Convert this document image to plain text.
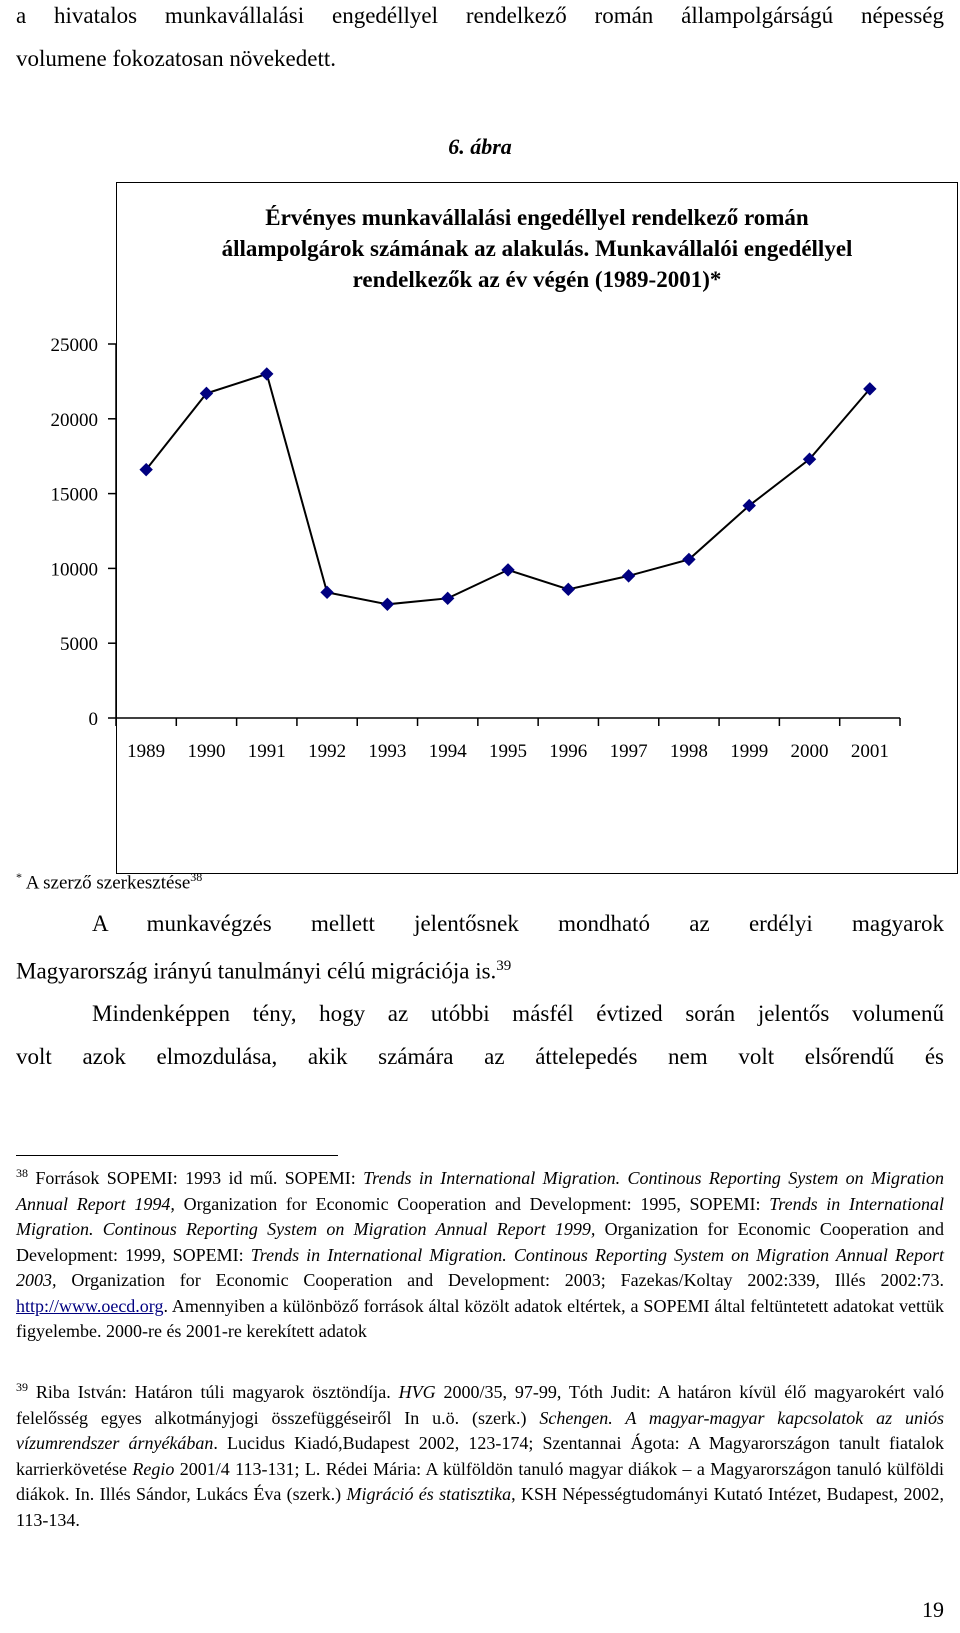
a hivatalos munkavállalási engedéllyel rendelkező román állampolgárságú népesség

volumene fokozatosan növekedett.

6. ábra
Érvényes munkavállalási engedéllyel rendelkező román
állampolgárok számának az alakulás. Munkavállalói engedéllyel
rendelkezők az év végén (1989-2001)*
0
5000
10000
15000
20000
25000
1989 1990 1991 1992 1993 1994 1995 1996 1997 1998 1999 2000 2001
* A szerző szerkesztése$^{38}$

A munkavégzés mellett jelentősnek mondható az erdélyi magyarok

Magyarország irányú tanulmányi célú migrációja is.$^{39}$

Mindenképpen tény, hogy az utóbbi másfél évtized során jelentős volumenű

volt azok elmozdulása, akik számára az áttelepedés nem volt elsőrendű és

$^{38}$ Források SOPEMI: 1993 id mű. SOPEMI: Trends in International Migration. Continous Reporting System on Migration Annual Report 1994, Organization for Economic Cooperation and Development: 1995, SOPEMI: Trends in International Migration. Continous Reporting System on Migration Annual Report 1999, Organization for Economic Cooperation and Development: 1999, SOPEMI: Trends in International Migration. Continous Reporting System on Migration Annual Report 2003, Organization for Economic Cooperation and Development: 2003; Fazekas/Koltay 2002:339, Illés 2002:73. http://www.oecd.org. Amennyiben a különböző források által közölt adatok eltértek, a SOPEMI által feltüntetett adatokat vettük figyelembe. 2000-re és 2001-re kerekített adatok

$^{39}$ Riba István: Határon túli magyarok ösztöndíja. HVG 2000/35, 97-99, Tóth Judit: A határon kívül élő magyarokért való felelősség egyes alkotmányjogi összefüggéseiről In u.ö. (szerk.) Schengen. A magyar-magyar kapcsolatok az uniós vízumrendszer árnyékában. Lucidus Kiadó,Budapest 2002, 123-174; Szentannai Ágota: A Magyarországon tanult fiatalok karrierkövetése Regio 2001/4 113-131; L. Rédei Mária: A külföldön tanuló magyar diákok – a Magyarországon tanuló külföldi diákok. In. Illés Sándor, Lukács Éva (szerk.) Migráció és statisztika, KSH Népességtudományi Kutató Intézet, Budapest, 2002, 113-134.

19
